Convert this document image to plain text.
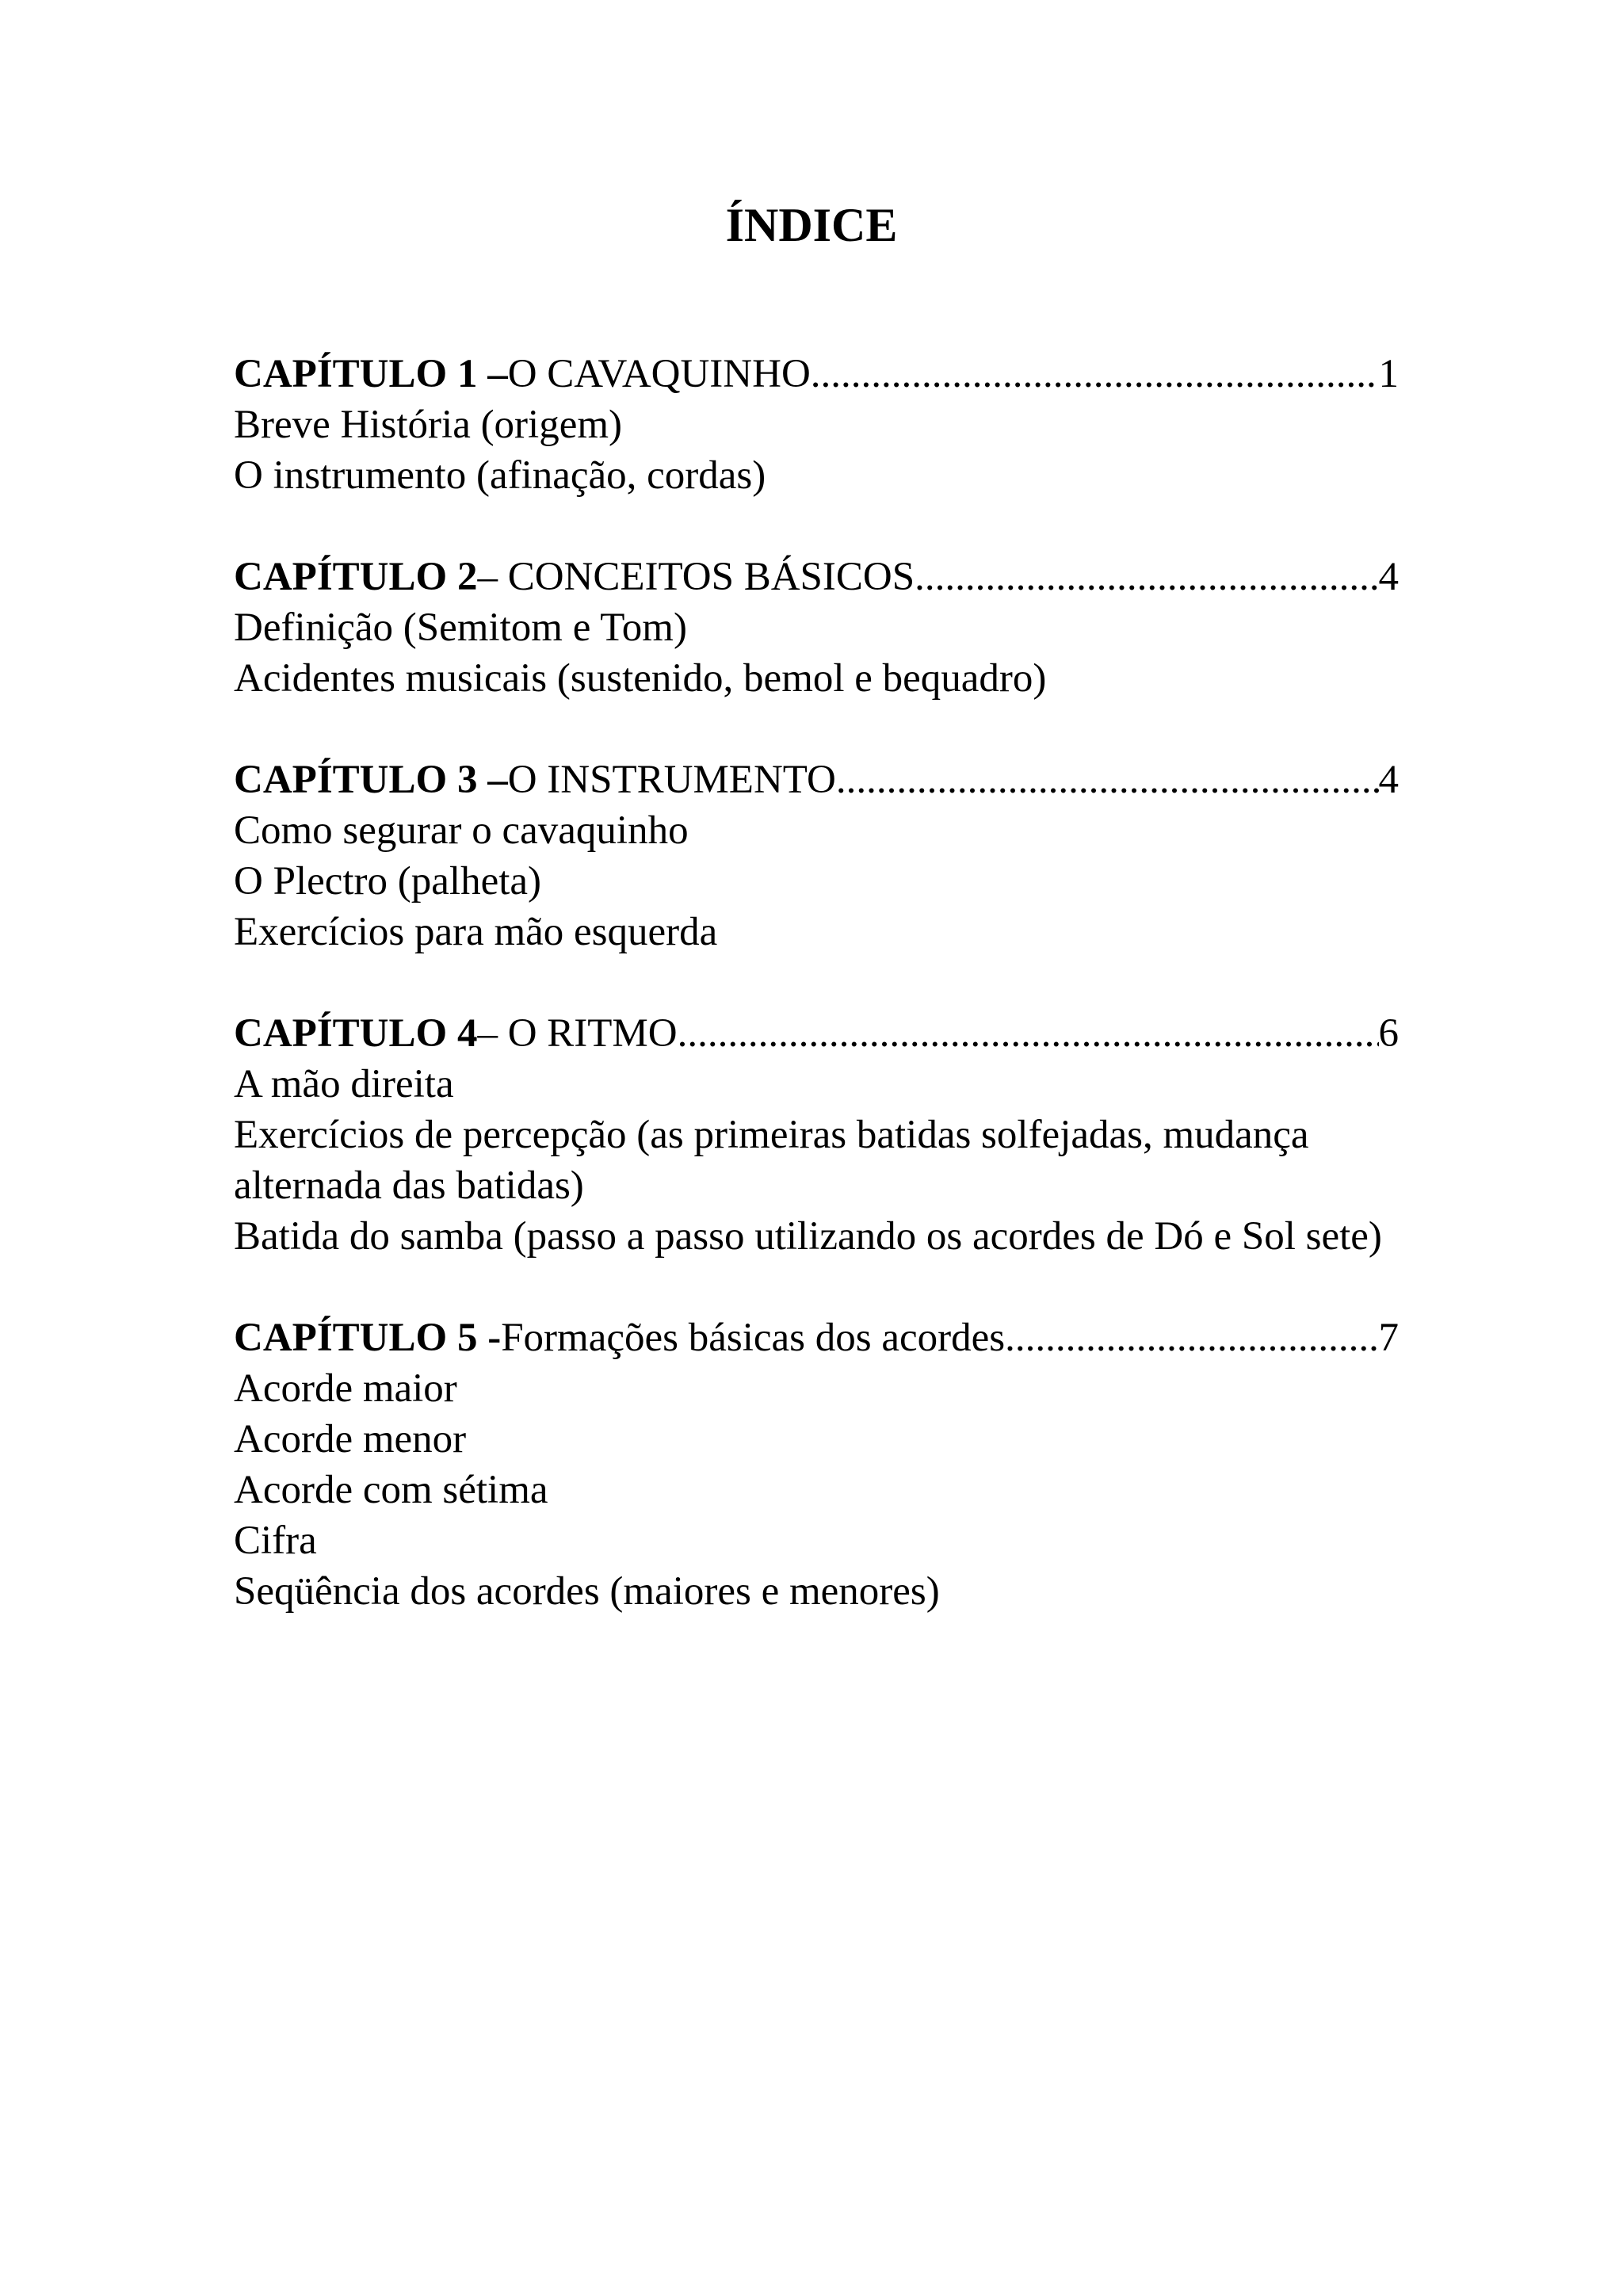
ÍNDICE
CAPÍTULO 1 – O CAVAQUINHO .....	1
Breve História (origem)
O instrumento (afinação, cordas)
CAPÍTULO 2 – CONCEITOS BÁSICOS .....	4
Definição (Semitom e Tom)
Acidentes musicais (sustenido, bemol e bequadro)
CAPÍTULO 3 – O INSTRUMENTO .....	4
Como segurar o cavaquinho
O Plectro (palheta)
Exercícios para mão esquerda
CAPÍTULO 4 – O RITMO .....	6
A mão direita
Exercícios de percepção (as primeiras batidas solfejadas, mudança alternada das batidas)
Batida do samba (passo a passo utilizando os acordes de Dó e Sol sete)
CAPÍTULO 5 - Formações básicas dos acordes .....	7
Acorde maior
Acorde menor
Acorde com sétima
Cifra
Seqüência dos acordes (maiores e menores)
